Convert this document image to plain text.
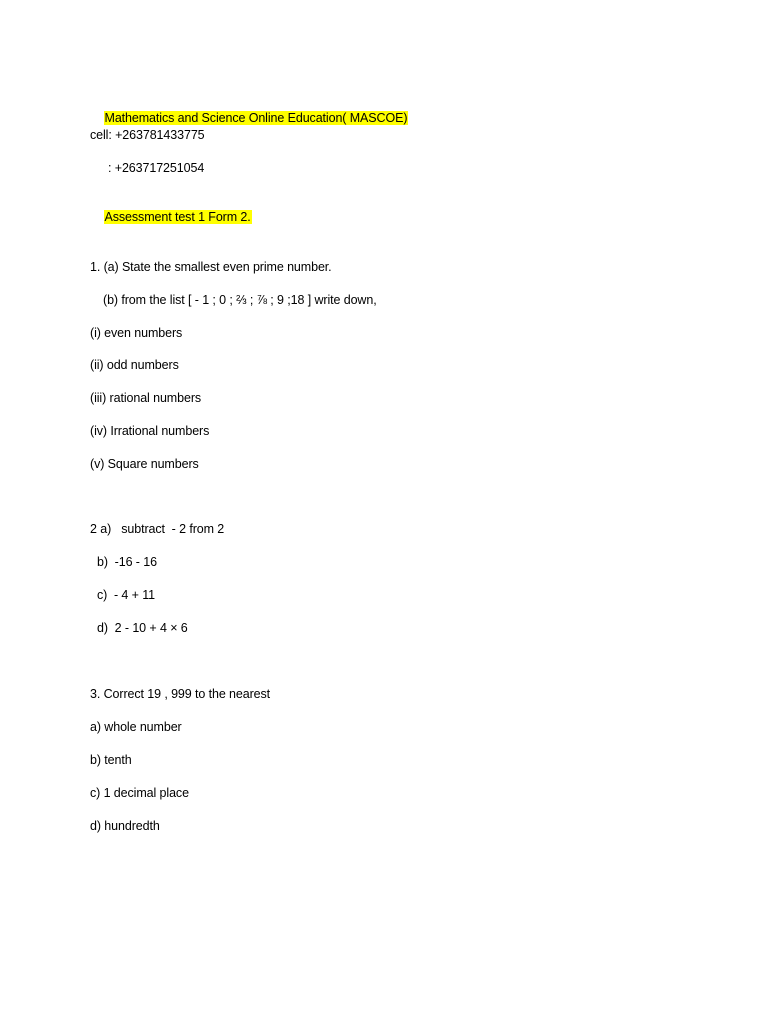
Mathematics and Science Online Education( MASCOE)

cell: +263781433775
: +263717251054

Assessment test 1 Form 2.

1. (a) State the smallest even prime number.
(b) from the list [ - 1 ; 0 ; ⅔ ; ⅞ ; 9 ;18 ] write down,
(i) even numbers
(ii) odd numbers
(iii) rational numbers
(iv) Irrational numbers
(v) Square numbers
2 a)   subtract  - 2 from 2
b)  -16 - 16
c)  - 4 + 11
d)  2 - 10 + 4 × 6
3. Correct 19 , 999 to the nearest
a) whole number
b) tenth
c) 1 decimal place
d) hundredth
